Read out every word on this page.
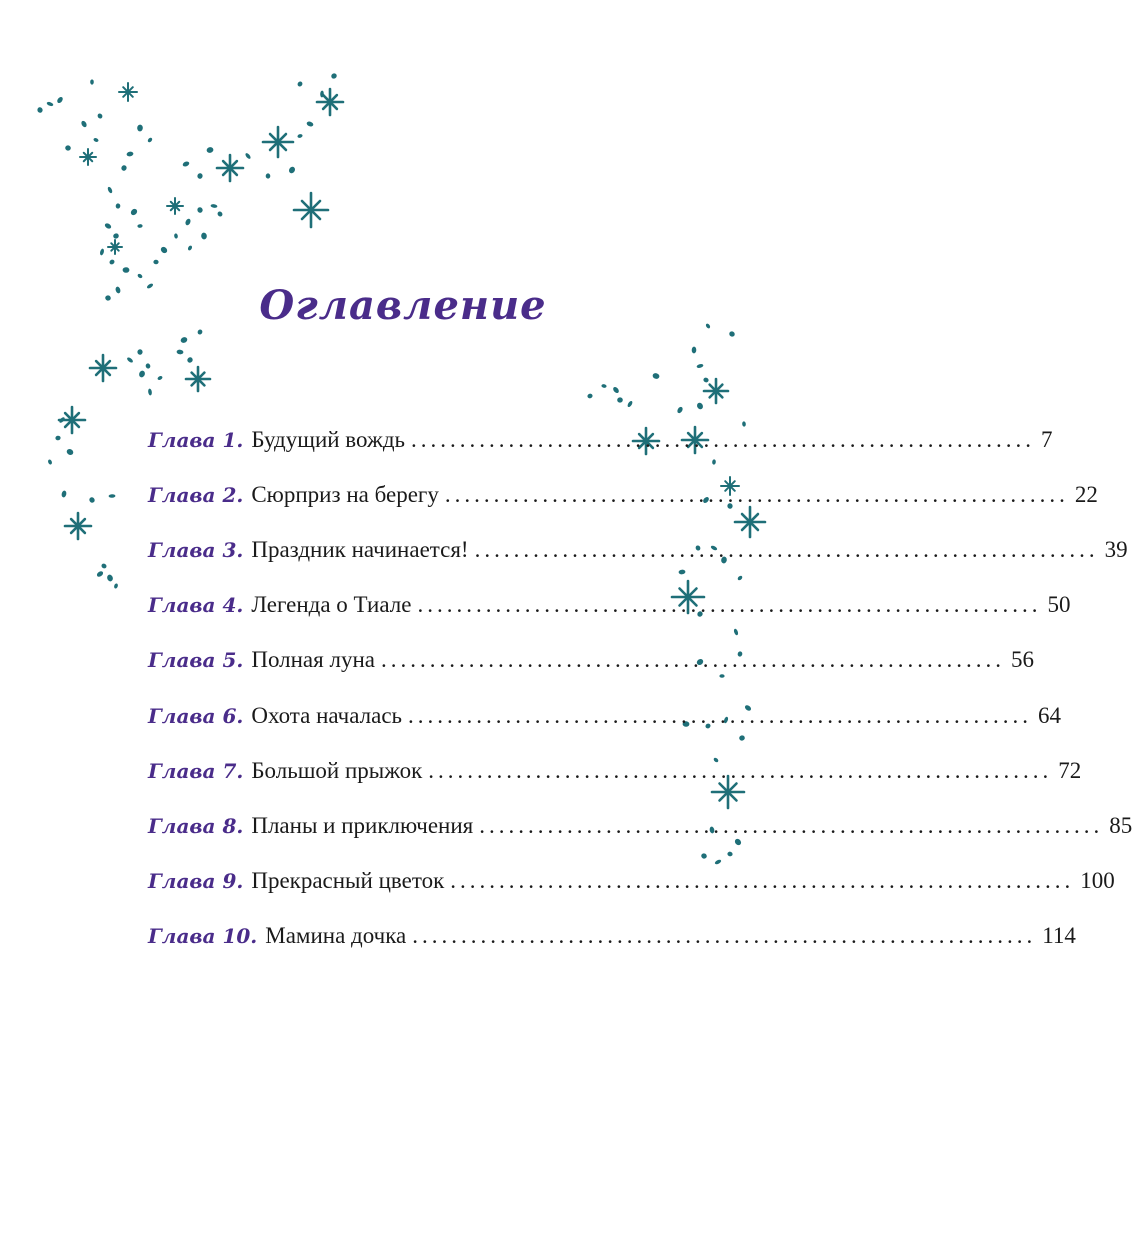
Оглавление
Глава 1. Будущий вождь ................................................................ 7
Глава 2. Сюрприз на берегу ................................................................ 22
Глава 3. Праздник начинается! ................................................................ 39
Глава 4. Легенда о Тиале ................................................................ 50
Глава 5. Полная луна ................................................................ 56
Глава 6. Охота началась ................................................................ 64
Глава 7. Большой прыжок ................................................................ 72
Глава 8. Планы и приключения ................................................................ 85
Глава 9. Прекрасный цветок ................................................................ 100
Глава 10. Мамина дочка ................................................................ 114
